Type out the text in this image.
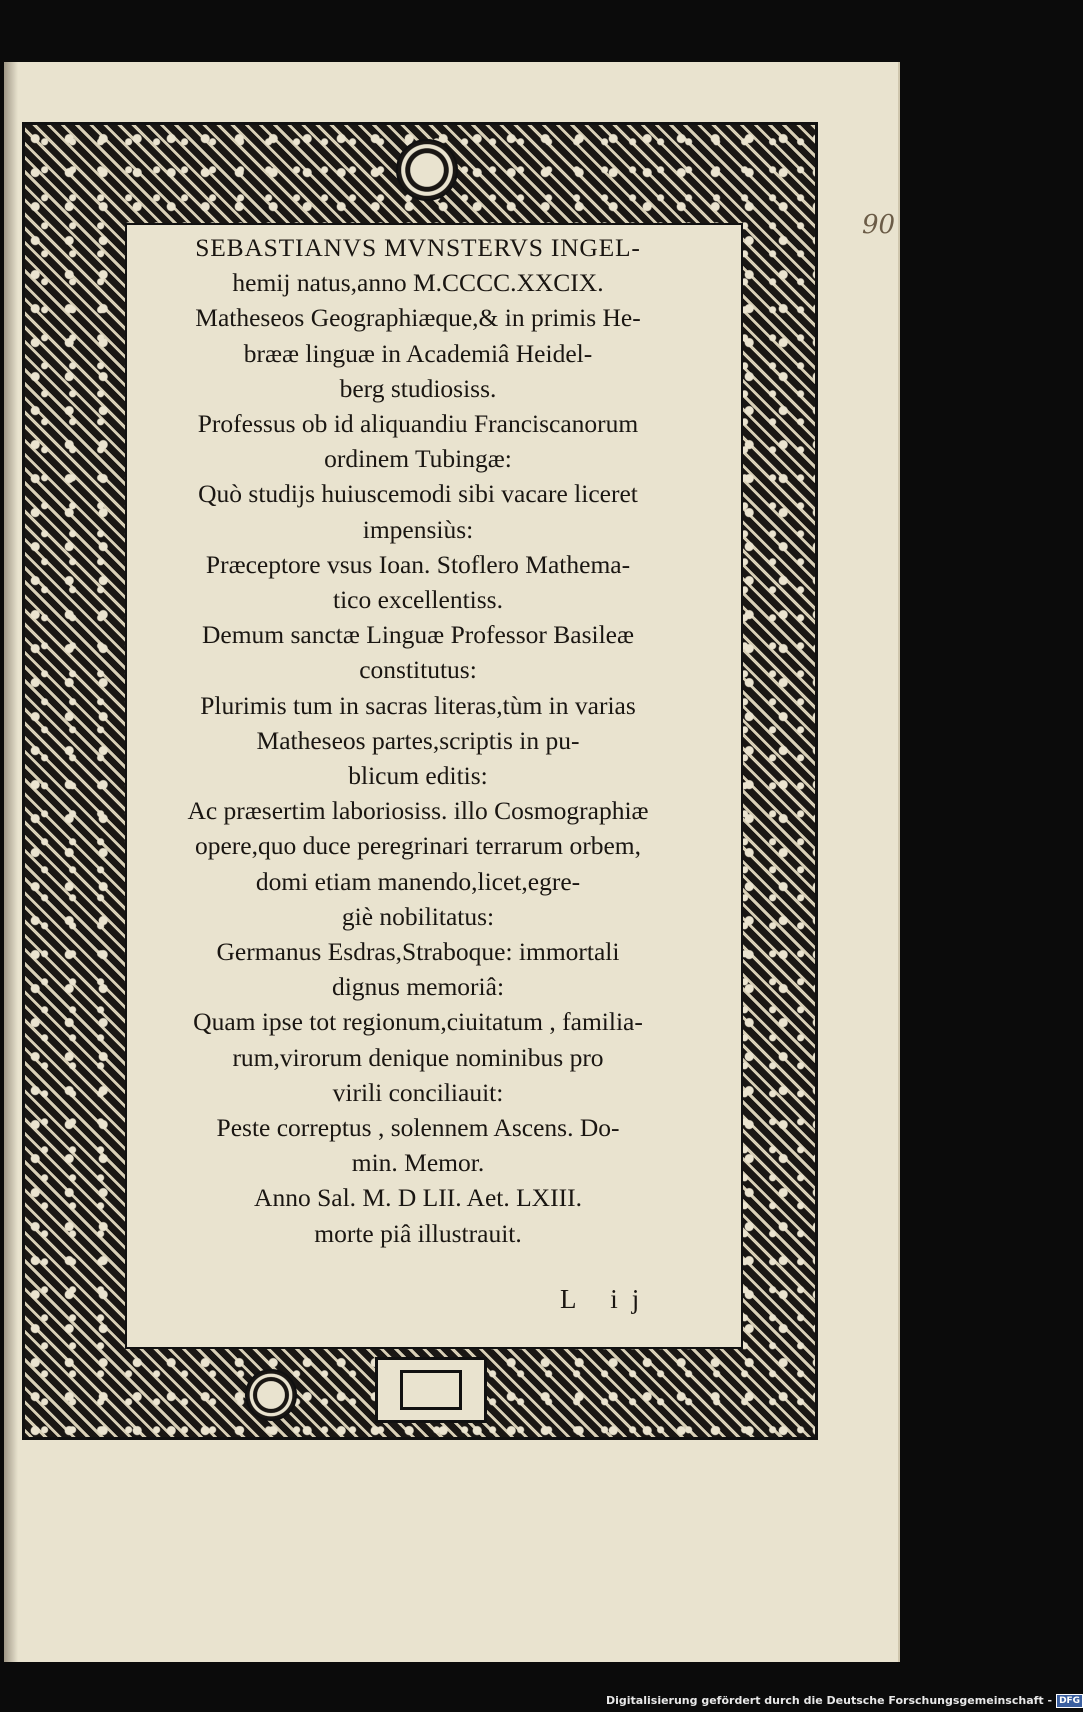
90
SEBASTIANVS MVNSTERVS INGEL-
hemij natus,anno M.CCCC.XXCIX.
Matheseos Geographiæque,& in primis He-
brææ linguæ in Academiâ Heidel-
berg studiosiss.
Professus ob id aliquandiu Franciscanorum
ordinem Tubingæ:
Quò studijs huiuscemodi sibi vacare liceret
impensiùs:
Præceptore vsus Ioan. Stoflero Mathema-
tico excellentiss.
Demum sanctæ Linguæ Professor Basileæ
constitutus:
Plurimis tum in sacras literas,tùm in varias
Matheseos partes,scriptis in pu-
blicum editis:
Ac præsertim laboriosiss. illo Cosmographiæ
opere,quo duce peregrinari terrarum orbem,
domi etiam manendo,licet,egre-
giè nobilitatus:
Germanus Esdras,Straboque: immortali
dignus memoriâ:
Quam ipse tot regionum,ciuitatum , familia-
rum,virorum denique nominibus pro
virili conciliauit:
Peste correptus , solennem Ascens. Do-
min. Memor.
Anno Sal. M. D LII. Aet. LXIII.
morte piâ illustrauit.
L ij
Digitalisierung gefördert durch die Deutsche Forschungsgemeinschaft - DFG
